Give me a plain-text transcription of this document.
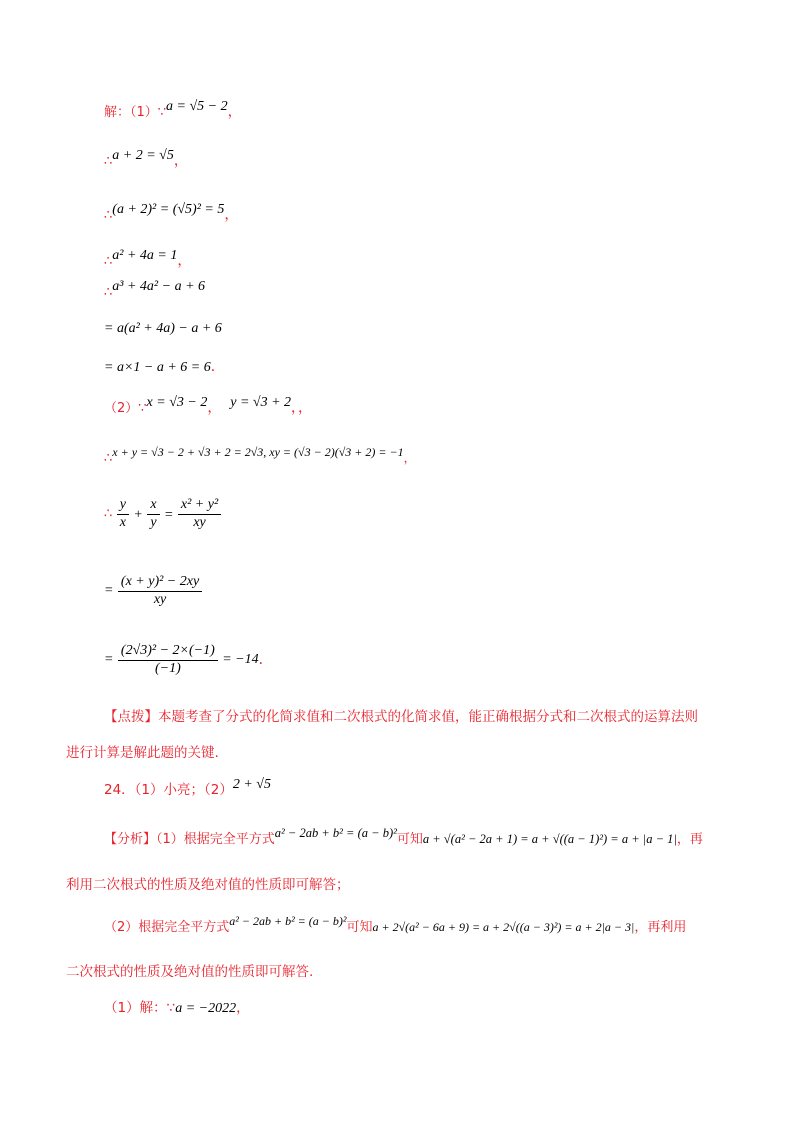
解：（1）∵a = √5 − 2，
∴a + 2 = √5，
∴(a + 2)² = (√5)² = 5，
∴a² + 4a = 1，
∴a³ + 4a² − a + 6
= a(a² + 4a) − a + 6
= a×1 − a + 6 = 6．
（2）∵x = √3 − 2， y = √3 + 2，，
∴x + y = √3 − 2 + √3 + 2 = 2√3, xy = (√3 − 2)(√3 + 2) = −1，
∴ $\frac{y}{x} + \frac{x}{y} = \frac{\text{x² + y²}}{xy}$
= $\frac{\text{(x + y)² − 2xy}}{xy}$
= $\frac{\text{(2√3)² − 2×(−1)}}{(-1)} = -14$．
【点拨】本题考查了分式的化简求值和二次根式的化简求值，能正确根据分式和二次根式的运算法则
进行计算是解此题的关键.
24．（1）小亮；（2）2 + √5
【分析】（1）根据完全平方式a² − 2ab + b² = (a − b)²可知a + √(a² − 2a + 1) = a + √((a − 1)²) = a + |a − 1|，再
利用二次根式的性质及绝对值的性质即可解答；
（2）根据完全平方式a² − 2ab + b² = (a − b)²可知a + 2√(a² − 6a + 9) = a + 2√((a − 3)²) = a + 2|a − 3|，再利用
二次根式的性质及绝对值的性质即可解答.
（1）解：∵a = −2022，
